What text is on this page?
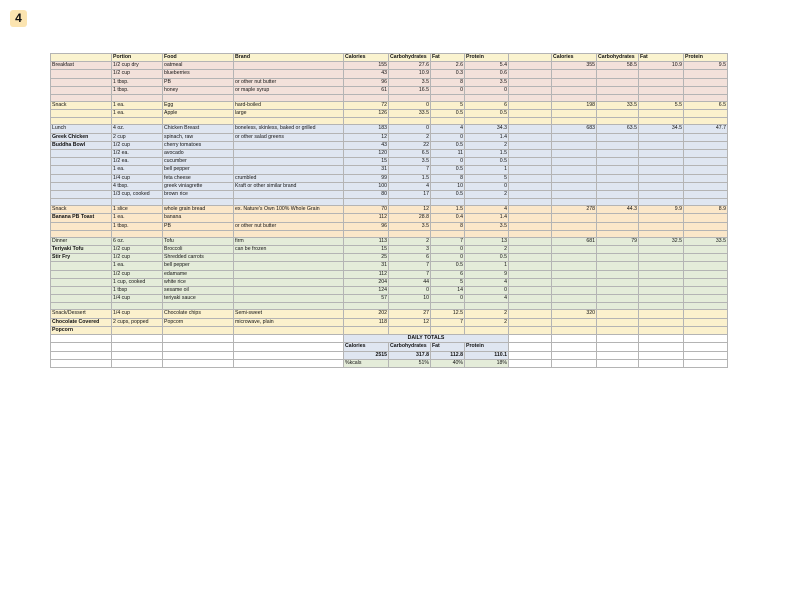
4
	Portion	Food	Brand	Calories	Carbohydrates	Fat	Protein		Calories	Carbohydrates	Fat	Protein
Breakfast	1/2 cup dry	oatmeal		155	27.6	2.6	5.4		355	58.5	10.9	9.5
	1/2 cup	blueberries		43	10.9	0.3	0.6					
	1 tbsp.	PB	or other nut butter	96	3.5	8	3.5					
	1 tbsp.	honey	or maple syrup	61	16.5	0	0					

Snack	1 ea.	Egg	hard-boiled	72	0	5	6		198	33.5	5.5	6.5
	1 ea.	Apple	large	126	33.5	0.5	0.5					

Lunch	4 oz.	Chicken Breast	boneless, skinless, baked or grilled	183	0	4	34.3		683	63.5	34.5	47.7
Greek Chicken	2 cup	spinach, raw	or other salad greens	12	2	0	1.4					
Buddha Bowl	1/2 cup	cherry tomatoes		43	22	0.5	2					
	1/2 ea.	avocado		120	6.5	11	1.5					
	1/2 ea.	cucumber		15	3.5	0	0.5					
	1 ea.	bell pepper		31	7	0.5	1					
	1/4 cup	feta cheese	crumbled	99	1.5	8	5					
	4 tbsp.	greek viniagrette	Kraft or other similar brand	100	4	10	0					
	1/3 cup, cooked	brown rice		80	17	0.5	2					

Snack	1 slice	whole grain bread	ex. Nature's Own 100% Whole Grain	70	12	1.5	4		278	44.3	9.9	8.9
Banana PB Toast	1 ea.	banana		112	28.8	0.4	1.4					
	1 tbsp.	PB	or other nut butter	96	3.5	8	3.5					

Dinner	6 oz.	Tofu	firm	113	2	7	13		681	79	32.5	33.5
Teriyaki Tofu	1/2 cup	Broccoli	can be frozen	15	3	0	2					
Stir Fry	1/2 cup	Shredded carrots		25	6	0	0.5					
	1 ea.	bell pepper		31	7	0.5	1					
	1/2 cup	edamame		112	7	6	9					
	1 cup, cooked	white rice		204	44	5	4					
	1 tbsp	sesame oil		124	0	14	0					
	1/4 cup	teriyaki sauce		57	10	0	4					

Snack/Dessert	1/4 cup	Chocolate chips	Semi-sweet	202	27	12.5	2		320			
Chocolate Covered	2 cups, popped	Popcorn	microwave, plain	118	12	7	2					
Popcorn												
				DAILY TOTALS								
				Calories	Carbohydrates	Fat	Protein					
				2515	317.8	112.8	110.1					
				%kcals	51%	40%	18%					
